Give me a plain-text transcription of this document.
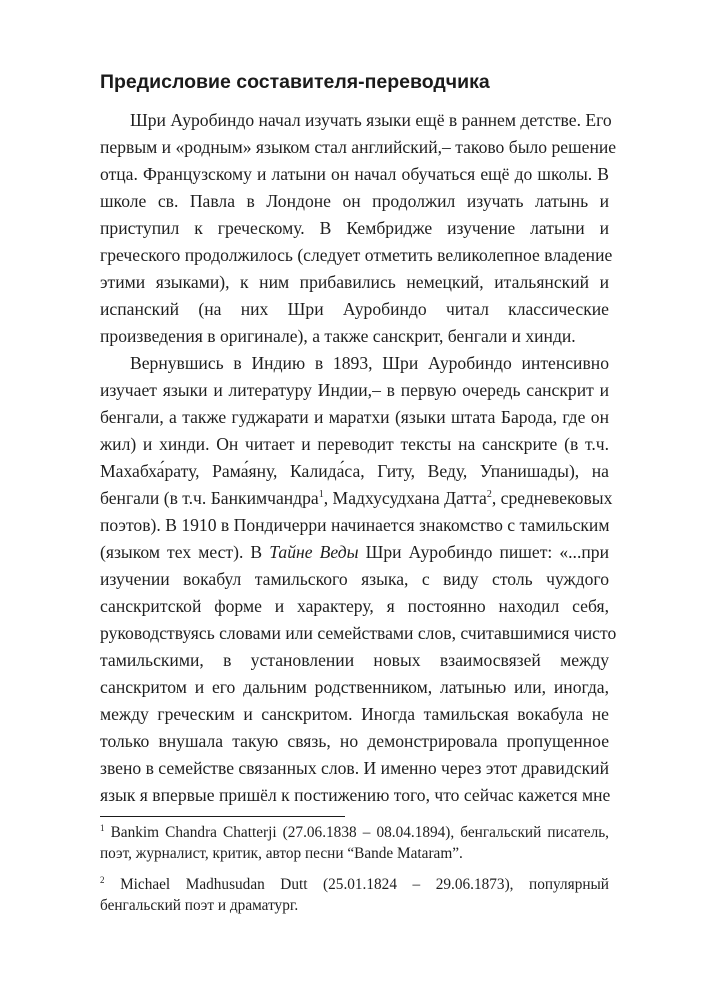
Предисловие составителя-переводчика
Шри Ауробиндо начал изучать языки ещё в раннем детстве. Его
первым и «родным» языком стал английский,– таково было решение
отца. Французскому и латыни он начал обучаться ещё до школы. В
школе св. Павла в Лондоне он продолжил изучать латынь и
приступил к греческому. В Кембридже изучение латыни и
греческого продолжилось (следует отметить великолепное владение
этими языками), к ним прибавились немецкий, итальянский и
испанский (на них Шри Ауробиндо читал классические
произведения в оригинале), а также санскрит, бенгали и хинди.
Вернувшись в Индию в 1893, Шри Ауробиндо интенсивно
изучает языки и литературу Индии,– в первую очередь санскрит и
бенгали, а также гуджарати и маратхи (языки штата Барода, где он
жил) и хинди. Он читает и переводит тексты на санскрите (в т.ч.
Махабха́рату, Рама́яну, Калида́са, Гиту, Веду, Упанишады), на
бенгали (в т.ч. Банкимчандра$^1$, Мадхусудхана Датта$^2$, средневековых
поэтов). В 1910 в Пондичерри начинается знакомство с тамильским
(языком тех мест). В Тайне Веды Шри Ауробиндо пишет: «...при
изучении вокабул тамильского языка, с виду столь чуждого
санскритской форме и характеру, я постоянно находил себя,
руководствуясь словами или семействами слов, считавшимися чисто
тамильскими, в установлении новых взаимосвязей между
санскритом и его дальним родственником, латынью или, иногда,
между греческим и санскритом. Иногда тамильская вокабула не
только внушала такую связь, но демонстрировала пропущенное
звено в семействе связанных слов. И именно через этот дравидский
язык я впервые пришёл к постижению того, что сейчас кажется мне
$^1$ Bankim Chandra Chatterji (27.06.1838 – 08.04.1894), бенгальский писатель,
поэт, журналист, критик, автор песни “Bande Mataram”.
$^2$ Michael Madhusudan Dutt (25.01.1824 – 29.06.1873), популярный
бенгальский поэт и драматург.
